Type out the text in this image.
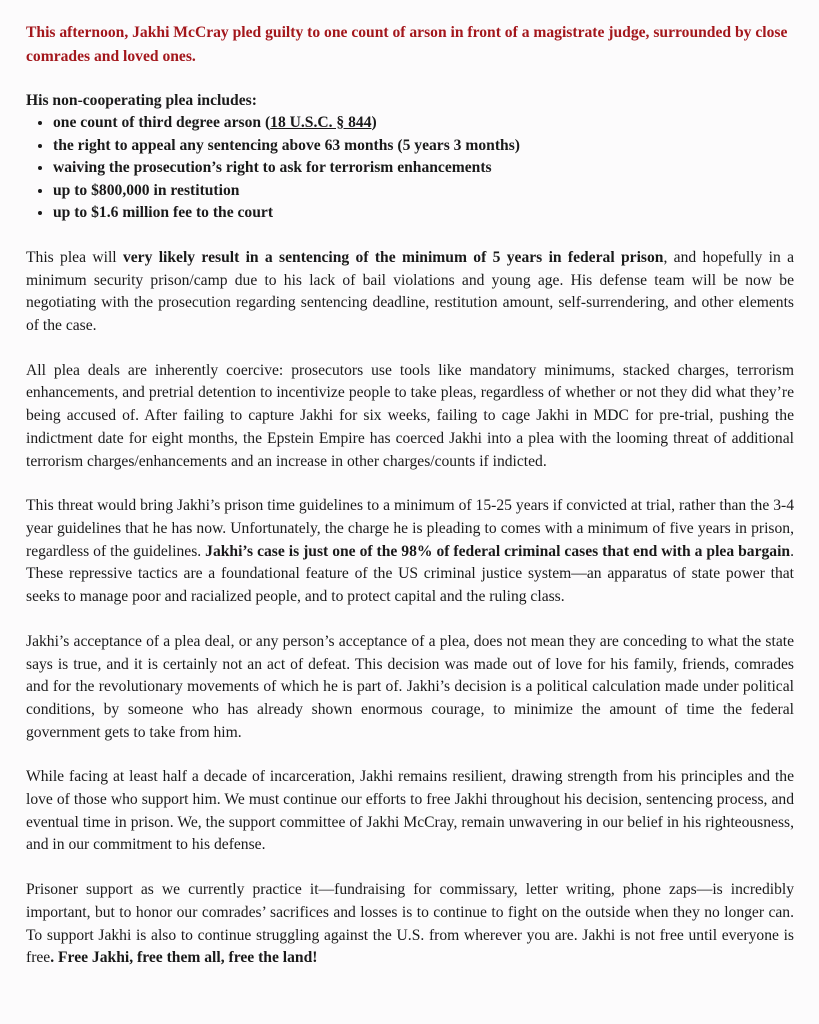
This afternoon, Jakhi McCray pled guilty to one count of arson in front of a magistrate judge, surrounded by close comrades and loved ones.

His non-cooperating plea includes:

• one count of third degree arson (18 U.S.C. § 844)
• the right to appeal any sentencing above 63 months (5 years 3 months)
• waiving the prosecution’s right to ask for terrorism enhancements
• up to $800,000 in restitution
• up to $1.6 million fee to the court

This plea will very likely result in a sentencing of the minimum of 5 years in federal prison, and hopefully in a minimum security prison/camp due to his lack of bail violations and young age. His defense team will be now be negotiating with the prosecution regarding sentencing deadline, restitution amount, self-surrendering, and other elements of the case.

All plea deals are inherently coercive: prosecutors use tools like mandatory minimums, stacked charges, terrorism enhancements, and pretrial detention to incentivize people to take pleas, regardless of whether or not they did what they’re being accused of. After failing to capture Jakhi for six weeks, failing to cage Jakhi in MDC for pre-trial, pushing the indictment date for eight months, the Epstein Empire has coerced Jakhi into a plea with the looming threat of additional terrorism charges/enhancements and an increase in other charges/counts if indicted.

This threat would bring Jakhi’s prison time guidelines to a minimum of 15-25 years if convicted at trial, rather than the 3-4 year guidelines that he has now. Unfortunately, the charge he is pleading to comes with a minimum of five years in prison, regardless of the guidelines. Jakhi’s case is just one of the 98% of federal criminal cases that end with a plea bargain. These repressive tactics are a foundational feature of the US criminal justice system—an apparatus of state power that seeks to manage poor and racialized people, and to protect capital and the ruling class.

Jakhi’s acceptance of a plea deal, or any person’s acceptance of a plea, does not mean they are conceding to what the state says is true, and it is certainly not an act of defeat. This decision was made out of love for his family, friends, comrades and for the revolutionary movements of which he is part of. Jakhi’s decision is a political calculation made under political conditions, by someone who has already shown enormous courage, to minimize the amount of time the federal government gets to take from him.

While facing at least half a decade of incarceration, Jakhi remains resilient, drawing strength from his principles and the love of those who support him. We must continue our efforts to free Jakhi throughout his decision, sentencing process, and eventual time in prison. We, the support committee of Jakhi McCray, remain unwavering in our belief in his righteousness, and in our commitment to his defense.

Prisoner support as we currently practice it—fundraising for commissary, letter writing, phone zaps—is incredibly important, but to honor our comrades’ sacrifices and losses is to continue to fight on the outside when they no longer can. To support Jakhi is also to continue struggling against the U.S. from wherever you are. Jakhi is not free until everyone is free. Free Jakhi, free them all, free the land!
